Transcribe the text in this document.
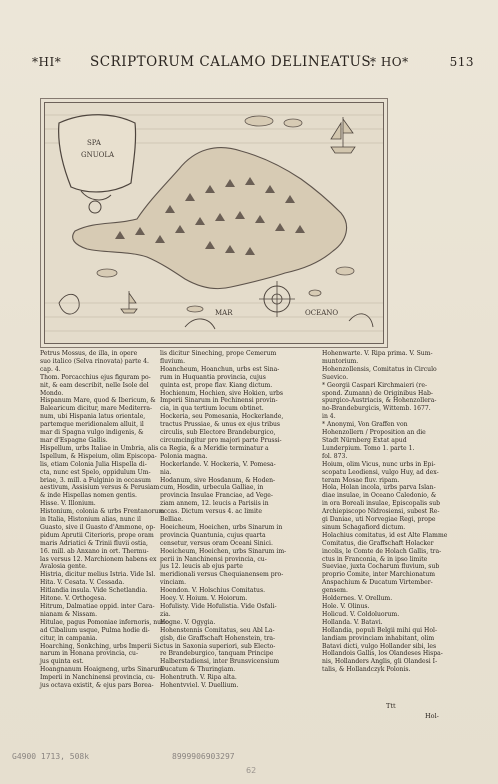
*HI* SCRIPTORUM CALAMO DELINEATUS.
* HO*	513
SPA
GNUOLA
MAR	OCEANO
Petrus Mossus, de illa, in opere
suo italico (Selva rinovata) parte 4.
cap. 4.
Thom. Porcacchius ejus figuram po-
nit, & eam describit, nelle Isole del
Mondo.
Hispanum Mare, quod & Ibericum, &
Balearicum dicitur, mare Mediterra-
num, ubi Hispania latus orientale,
partemque meridionalem alluit, il
mar di Spagna vulgo indigenis, &
mar d'Espagne Gallis.
Hispellum, urbs Italiae in Umbria, alis
Ispellum, & Hispeium, olim Episcopa-
lis, etiam Colonia Julia Hispella di-
cta, nunc est Spelo, oppidulum Um-
briae, 3. mill. a Fulginio in occasum
aestivum, Assisium versus & Perusiam
& inde Hispellas nomen gentis.
Hisse. V. Illonium.
Histonium, colonia & urbs Frentanorum
in Italia, Histonium alias, nunc il
Guasto, sive il Guasto d'Ammone, op-
pidum Aprutii Citerioris, prope oram
maris Adriatici & Trinii fluvii ostia,
16. mill. ab Anxano in ort. Thermu-
las versus 12. Marchionem habens ex
Avalosia gente.
Histria, dicitur melius Istria. Vide Isl.
Hita. V. Cesata. V. Cessada.
Hitlandia insula. Vide Schetlandia.
Hitone. V. Orthogesa.
Hitrum, Dalmatiae oppid. inter Cara-
nianam & Nissam.
Hitulae, pagus Pomoniae infernoris, nunc
ad Cibalium usque, Pulma hodie di-
citur, in campania.
Hoarching, Sonkching, urbs Imperii Si-
narum in Honana provincia, cu-
jus quinta est.
Hoangnanum Hoaigneng, urbs Sinarum
Imperii in Nanchinensi provincia, cu-
jus octava existit, & ejus pars Borea-
lis dicitur Sineching, prope Cemerum
fluvium.
Hoancheum, Hoanchun, urbs est Sina-
rum in Huquantia provincia, cujus
quinta est, prope flav. Kiang dictum.
Hochienum, Hochien, sive Hokien, urbs
Imperii Sinarum in Pechinensi provin-
cia, in qua tertium locum obtinet.
Hockeria, seu Pomesania, Hockerlande,
tractus Prussiae, & unus ex ejus tribus
circulis, sub Electore Brandeburgico,
circumcingitur pro majori parte Prussi-
ca Regia, & a Meridie terminatur a
Polonia magna.
Hockerlande. V. Hockeria, V. Pomesa-
nia.
Hodanum, sive Hosdanum, & Hoden-
cum, Hosdin, urbecula Galliae, in
provincia Insulae Franciae, ad Vege-
ziam annem, 12. leucis a Parisiis in
occas. Dictum versus 4. ac limite
Belliae.
Hoeicheum, Hoeichen, urbs Sinarum in
provincia Quantunia, cujus quarta
censetur, versus oram Oceani Sinici.
Hoeicheum, Hoeichen, urbs Sinarum im-
perii in Nanchinensi provincia, cu-
jus 12. leucis ab ejus parte
meridionali versus Chequianensem pro-
vinciam.
Hoendon. V. Holschius Comitatus.
Hoey. V. Hoium. V. Hoiorum.
Hofulisty. Vide Hofulistia. Vide Osfali-
zia.
Hogne. V. Ogygia.
Hohenstennis Comitatus, seu Abl La-
gisb, die Graffschaft Hohenstein, tra-
ctus in Saxonia superiori, sub Electo-
re Brandeburgico, tanquam Principe
Halberstadiensi, inter Brunsvicensium
Ducatum & Thuringiam.
Hohentruth. V. Ripa alta.
Hohentvviel. V. Duellium.
Hohenwarte. V. Ripa prima. V. Sum-
muntorium.
Hohenzollensis, Comitatus in Circulo
Suevico.
* Georgii Caspari Kirchmaieri (re-
spond. Zumann) de Originibus Hab-
spurgico-Austriacis, & Hohenzollera-
no-Brandeburgicis, Wittemb. 1677.
in 4.
* Anonymi, Von Graffen von
Hohenzollern / Proposition an die
Stadt Nürnberg Extat apud
Lunderpium. Tomo 1. parte 1.
fol. 873.
Hoium, olim Vicus, nunc urbs in Epi-
scopatu Leodiensi, vulgo Huy, ad dex-
teram Mosae fluv. ripam.
Hola, Holan incola, urbs parva Islan-
diae insulae, in Oceano Caledonio, &
in ora Boreali insulae, Episcopalis sub
Archiepiscopo Nidrosiensi, subest Re-
gi Daniae, uti Norvegiae Regi, prope
sinum Schagafiord dictum.
Holachius comitatus, id est Alte Flamme
Comitatus, die Graffschaft Holacker
incolis, le Comte de Holach Gallis, tra-
ctus in Franconia, & in ipso limite
Sueviae, juxta Cocharum fluvium, sub
proprio Comite, inter Marchionatum
Anspachium & Ducatum Virtember-
gensem.
Holdernes. V. Orellum.
Hole. V. Olinus.
Holicud. V. Coldoluorum.
Hollanda. V. Batavi.
Hollandia, populi Belgii mihi qui Hol-
landiam provinciam inhabitant, olim
Batavi dicti, vulgo Hollander sibi, les
Hollandois Gallis, los Olandeses Hispa-
nis, Hollanders Anglis, gli Olandesi I-
talis, & Hollandczyk Polonis.
Hol-
Ttt
G4900 1713, 508k	8999906903297
62
